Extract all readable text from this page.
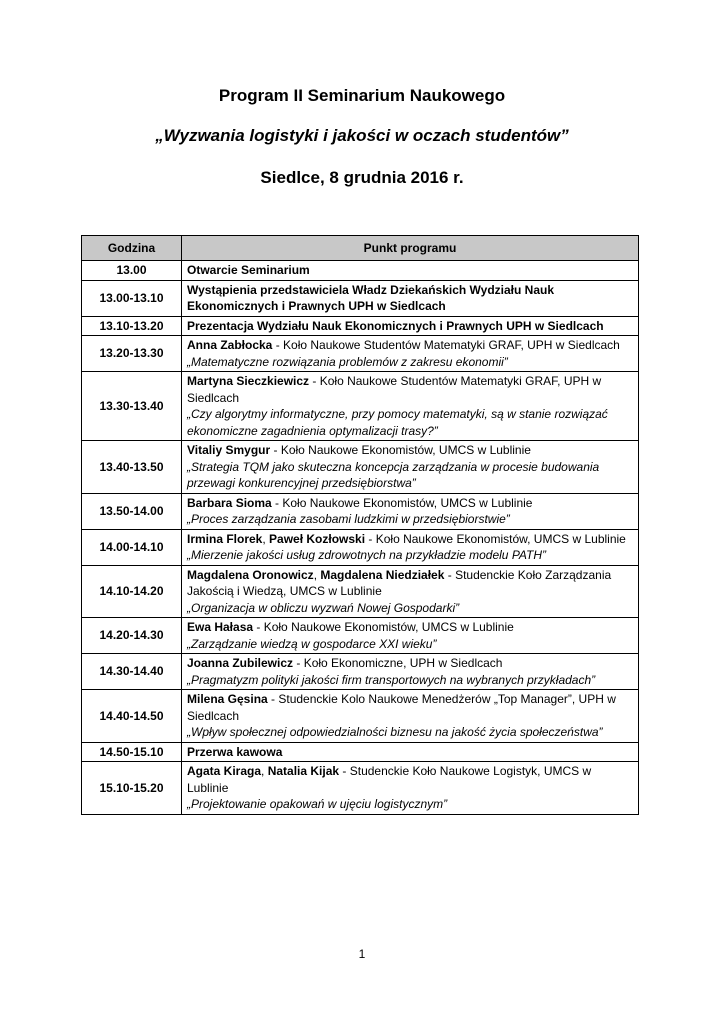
Program II Seminarium Naukowego

„Wyzwania logistyki i jakości w oczach studentów”

Siedlce, 8 grudnia 2016 r.

Godzina	Punkt programu
13.00	Otwarcie Seminarium
13.00-13.10	Wystąpienia przedstawiciela Władz Dziekańskich Wydziału Nauk Ekonomicznych i Prawnych UPH w Siedlcach
13.10-13.20	Prezentacja Wydziału Nauk Ekonomicznych i Prawnych UPH w Siedlcach
13.20-13.30	Anna Zabłocka - Koło Naukowe Studentów Matematyki GRAF, UPH w Siedlcach
„Matematyczne rozwiązania problemów z zakresu ekonomii”

13.30-13.40	Martyna Sieczkiewicz - Koło Naukowe Studentów Matematyki GRAF, UPH w Siedlcach
„Czy algorytmy informatyczne, przy pomocy matematyki, są w stanie rozwiązać ekonomiczne zagadnienia optymalizacji trasy?”

13.40-13.50	Vitaliy Smygur - Koło Naukowe Ekonomistów, UMCS w Lublinie
„Strategia TQM jako skuteczna koncepcja zarządzania w procesie budowania przewagi konkurencyjnej przedsiębiorstwa”

13.50-14.00	Barbara Sioma - Koło Naukowe Ekonomistów, UMCS w Lublinie
„Proces zarządzania zasobami ludzkimi w przedsiębiorstwie”

14.00-14.10	Irmina Florek, Paweł Kozłowski - Koło Naukowe Ekonomistów, UMCS w Lublinie
„Mierzenie jakości usług zdrowotnych na przykładzie modelu PATH”

14.10-14.20	Magdalena Oronowicz, Magdalena Niedziałek - Studenckie Koło Zarządzania Jakością i Wiedzą, UMCS w Lublinie
„Organizacja w obliczu wyzwań Nowej Gospodarki”

14.20-14.30	Ewa Hałasa - Koło Naukowe Ekonomistów, UMCS w Lublinie
„Zarządzanie wiedzą w gospodarce XXI wieku”

14.30-14.40	Joanna Zubilewicz - Koło Ekonomiczne, UPH w Siedlcach
„Pragmatyzm polityki jakości firm transportowych na wybranych przykładach”

14.40-14.50	Milena Gęsina - Studenckie Kolo Naukowe Menedżerów „Top Manager”, UPH w Siedlcach
„Wpływ społecznej odpowiedzialności biznesu na jakość życia społeczeństwa”

14.50-15.10	Przerwa kawowa
15.10-15.20	Agata Kiraga, Natalia Kijak - Studenckie Koło Naukowe Logistyk, UMCS w Lublinie
„Projektowanie opakowań w ujęciu logistycznym”
1
